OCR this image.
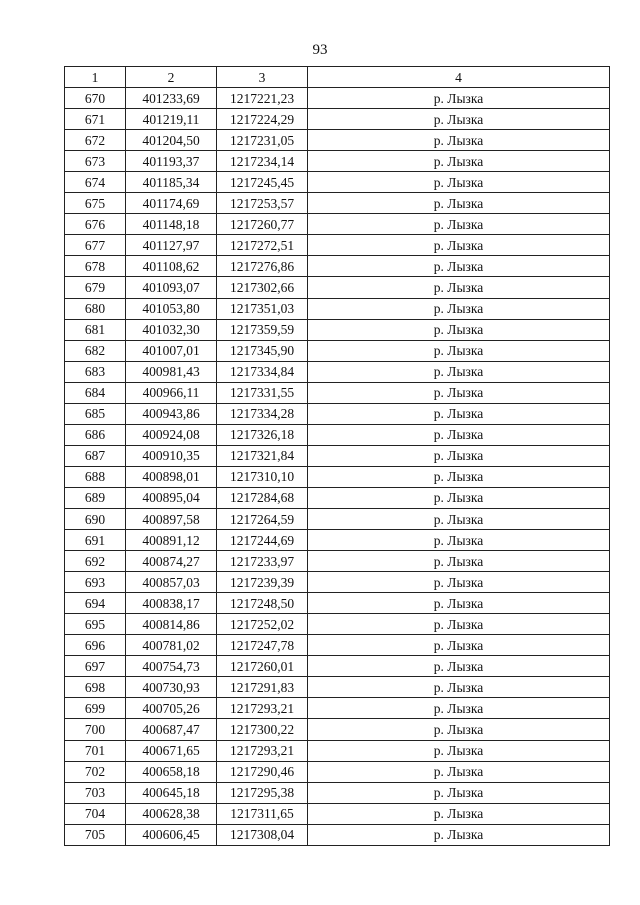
93
1	2	3	4
670	401233,69	1217221,23	р. Лызка
671	401219,11	1217224,29	р. Лызка
672	401204,50	1217231,05	р. Лызка
673	401193,37	1217234,14	р. Лызка
674	401185,34	1217245,45	р. Лызка
675	401174,69	1217253,57	р. Лызка
676	401148,18	1217260,77	р. Лызка
677	401127,97	1217272,51	р. Лызка
678	401108,62	1217276,86	р. Лызка
679	401093,07	1217302,66	р. Лызка
680	401053,80	1217351,03	р. Лызка
681	401032,30	1217359,59	р. Лызка
682	401007,01	1217345,90	р. Лызка
683	400981,43	1217334,84	р. Лызка
684	400966,11	1217331,55	р. Лызка
685	400943,86	1217334,28	р. Лызка
686	400924,08	1217326,18	р. Лызка
687	400910,35	1217321,84	р. Лызка
688	400898,01	1217310,10	р. Лызка
689	400895,04	1217284,68	р. Лызка
690	400897,58	1217264,59	р. Лызка
691	400891,12	1217244,69	р. Лызка
692	400874,27	1217233,97	р. Лызка
693	400857,03	1217239,39	р. Лызка
694	400838,17	1217248,50	р. Лызка
695	400814,86	1217252,02	р. Лызка
696	400781,02	1217247,78	р. Лызка
697	400754,73	1217260,01	р. Лызка
698	400730,93	1217291,83	р. Лызка
699	400705,26	1217293,21	р. Лызка
700	400687,47	1217300,22	р. Лызка
701	400671,65	1217293,21	р. Лызка
702	400658,18	1217290,46	р. Лызка
703	400645,18	1217295,38	р. Лызка
704	400628,38	1217311,65	р. Лызка
705	400606,45	1217308,04	р. Лызка
